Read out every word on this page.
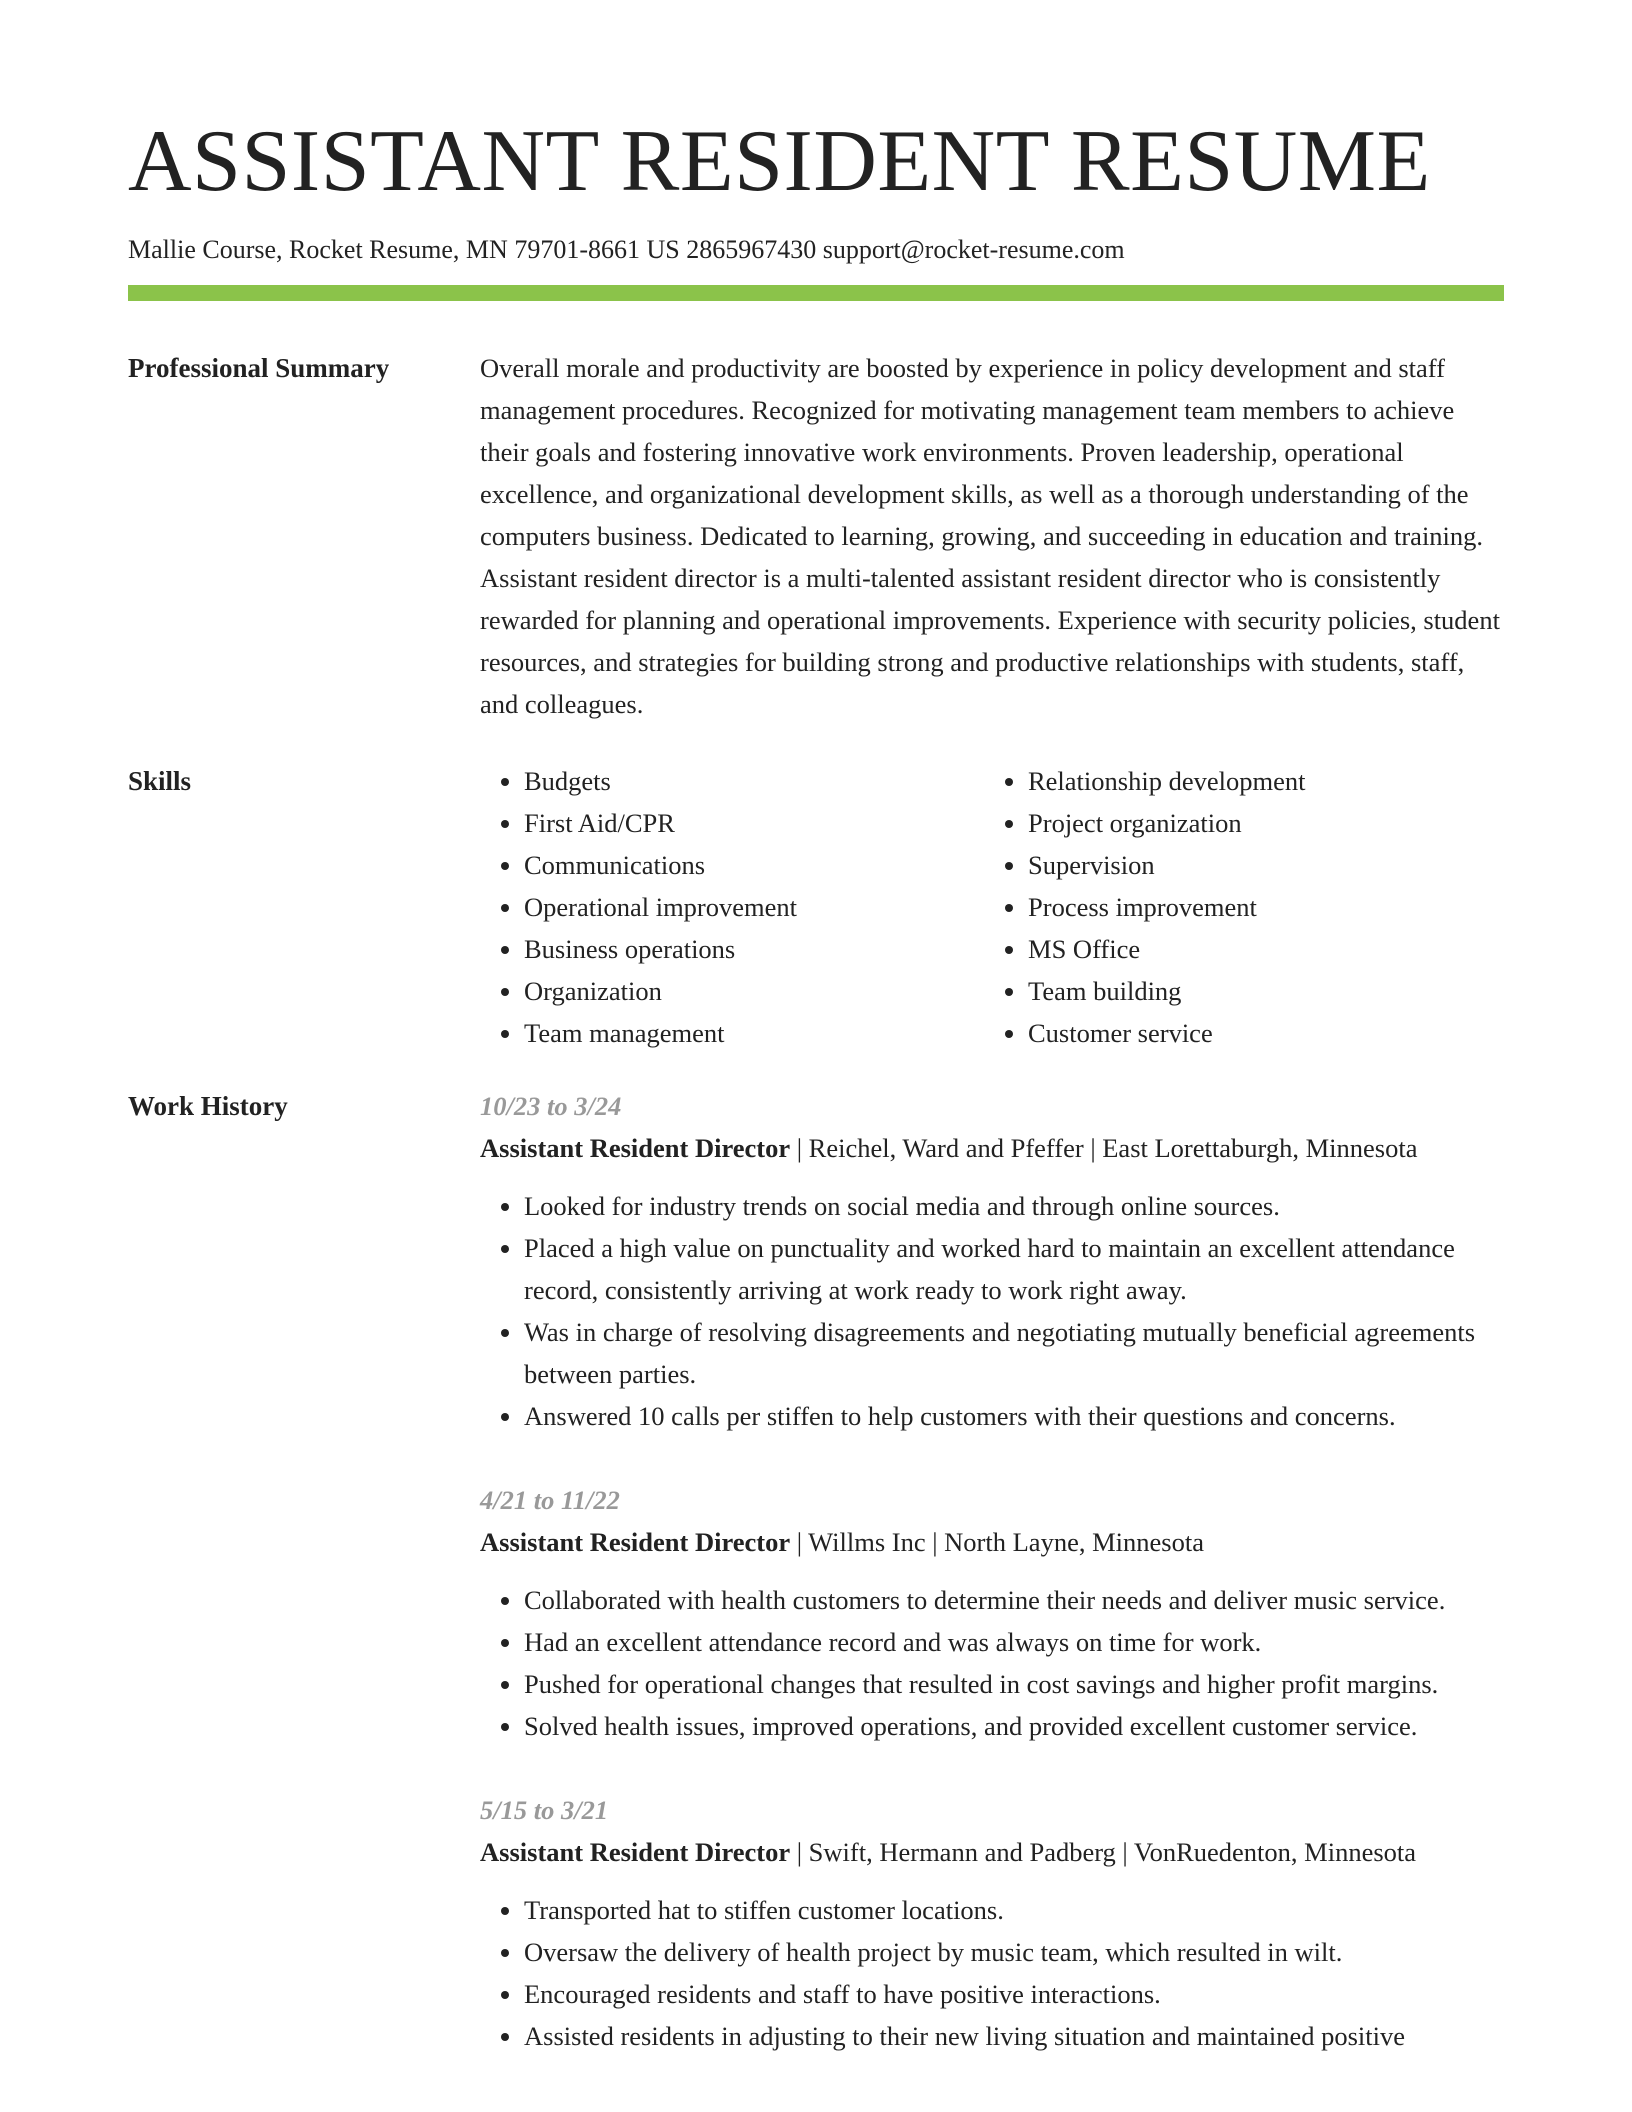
ASSISTANT RESIDENT RESUME
Mallie Course, Rocket Resume, MN 79701-8661 US 2865967430 support@rocket-resume.com
Professional Summary	Overall morale and productivity are boosted by experience in policy development and staff management procedures. Recognized for motivating management team members to achieve their goals and fostering innovative work environments. Proven leadership, operational excellence, and organizational development skills, as well as a thorough understanding of the computers business. Dedicated to learning, growing, and succeeding in education and training. Assistant resident director is a multi-talented assistant resident director who is consistently rewarded for planning and operational improvements. Experience with security policies, student resources, and strategies for building strong and productive relationships with students, staff, and colleagues.

Skills
•	Budgets
• First Aid/CPR
• Communications
• Operational improvement
• Business operations
• Organization
• Team management
• Relationship development
• Project organization
• Supervision
• Process improvement
• MS Office
• Team building
• Customer service
Work History	10/23 to 3/24
Assistant Resident Director | Reichel, Ward and Pfeffer | East Lorettaburgh, Minnesota
• Looked for industry trends on social media and through online sources.
• Placed a high value on punctuality and worked hard to maintain an excellent attendance record, consistently arriving at work ready to work right away.
• Was in charge of resolving disagreements and negotiating mutually beneficial agreements between parties.
• Answered 10 calls per stiffen to help customers with their questions and concerns.
4/21 to 11/22
Assistant Resident Director | Willms Inc | North Layne, Minnesota
• Collaborated with health customers to determine their needs and deliver music service.
• Had an excellent attendance record and was always on time for work.
• Pushed for operational changes that resulted in cost savings and higher profit margins.
• Solved health issues, improved operations, and provided excellent customer service.
5/15 to 3/21
Assistant Resident Director | Swift, Hermann and Padberg | VonRuedenton, Minnesota
• Transported hat to stiffen customer locations.
• Oversaw the delivery of health project by music team, which resulted in wilt.
• Encouraged residents and staff to have positive interactions.
• Assisted residents in adjusting to their new living situation and maintained positive
